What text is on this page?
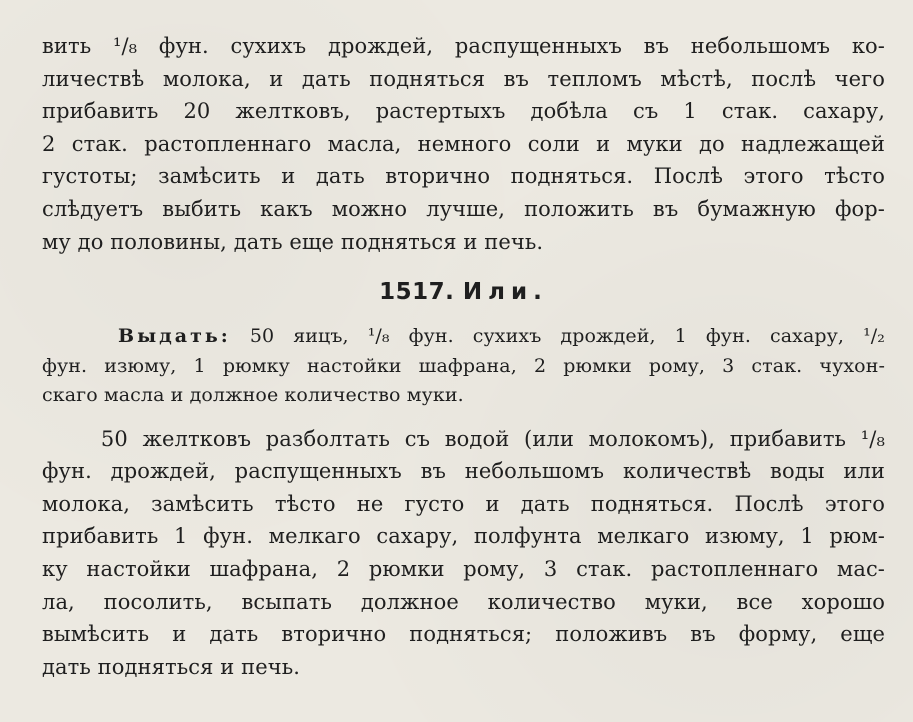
вить ¹/₈ фун. сухихъ дрождей, распущенныхъ въ небольшомъ ко-
личествѣ молока, и дать подняться въ тепломъ мѣстѣ, послѣ чего
прибавить 20 желтковъ, растертыхъ добѣла съ 1 стак. сахару,
2 стак. растопленнаго масла, немного соли и муки до надлежащей
густоты; замѣсить и дать вторично подняться. Послѣ этого тѣсто
слѣдуетъ выбить какъ можно лучше, положить въ бумажную фор-
му до половины, дать еще подняться и печь.
1517. Или.
Выдать: 50 яицъ, ¹/₈ фун. сухихъ дрождей, 1 фун. сахару, ¹/₂
фун. изюму, 1 рюмку настойки шафрана, 2 рюмки рому, 3 стак. чухон-
скаго масла и должное количество муки.
50 желтковъ разболтать съ водой (или молокомъ), прибавить ¹/₈
фун. дрождей, распущенныхъ въ небольшомъ количествѣ воды или
молока, замѣсить тѣсто не густо и дать подняться. Послѣ этого
прибавить 1 фун. мелкаго сахару, полфунта мелкаго изюму, 1 рюм-
ку настойки шафрана, 2 рюмки рому, 3 стак. растопленнаго мас-
ла, посолить, всыпать должное количество муки, все хорошо
вымѣсить и дать вторично подняться; положивъ въ форму, еще
дать подняться и печь.
